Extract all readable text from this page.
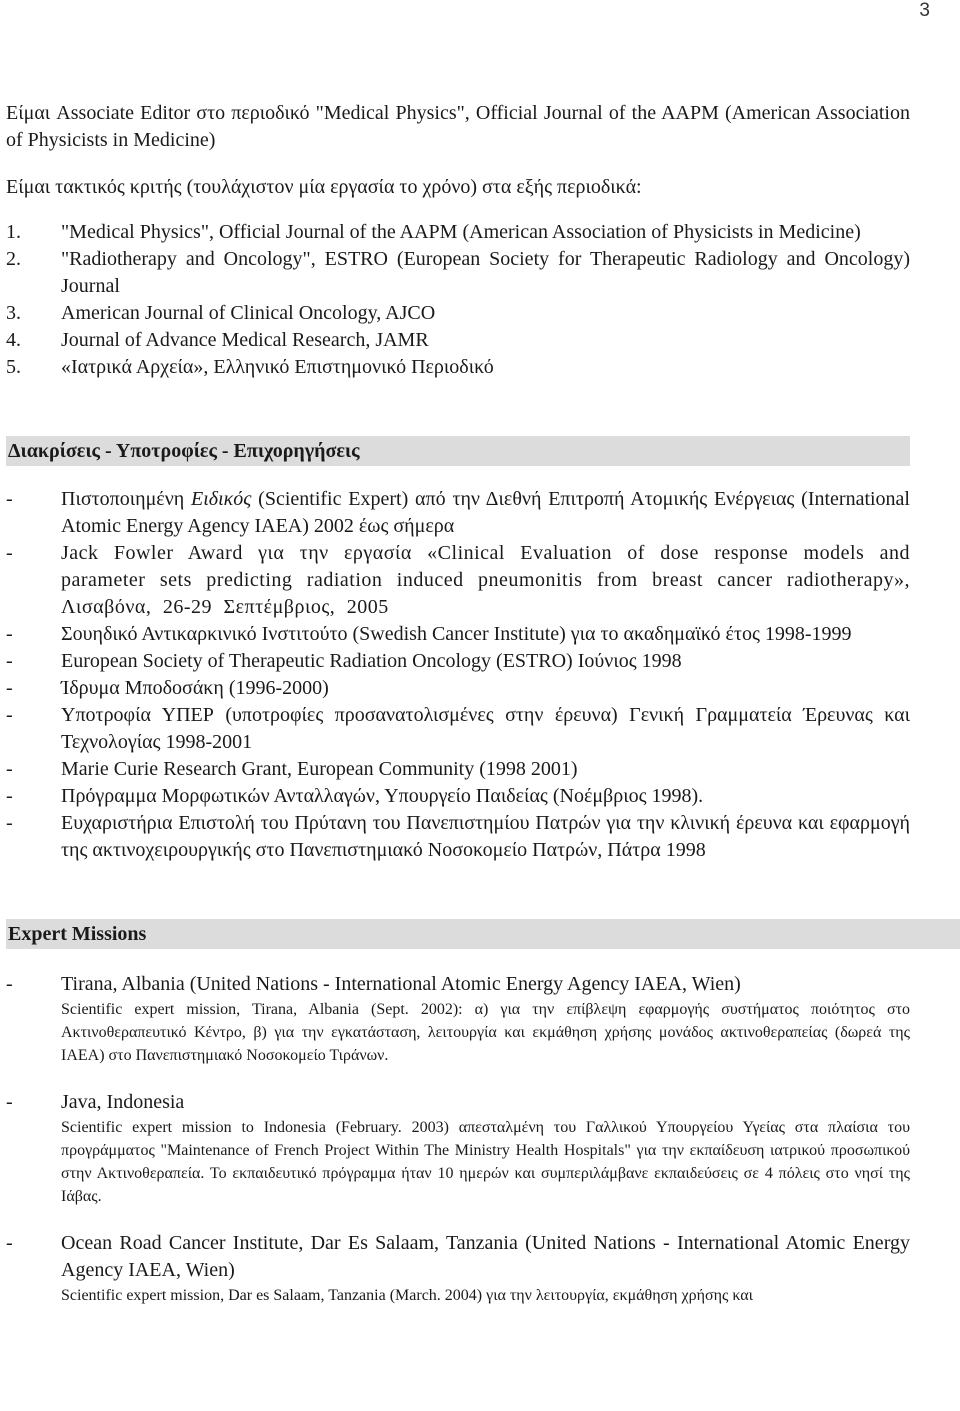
3

Είμαι Associate Editor στο περιοδικό "Medical Physics", Official Journal of the AAPM (American Association of Physicists in Medicine)

Είμαι τακτικός κριτής (τουλάχιστον μία εργασία το χρόνο) στα εξής περιοδικά:

1. "Medical Physics", Official Journal of the AAPM (American Association of Physicists in Medicine)
2. "Radiotherapy and Oncology", ESTRO (European Society for Therapeutic Radiology and Oncology) Journal
3. American Journal of Clinical Oncology, AJCO
4. Journal of Advance Medical Research, JAMR
5. «Ιατρικά Αρχεία», Ελληνικό Επιστημονικό Περιοδικό
Διακρίσεις - Υποτροφίες - Επιχορηγήσεις
- Πιστοποιημένη Ειδικός (Scientific Expert) από την Διεθνή Επιτροπή Ατομικής Ενέργειας (International Atomic Energy Agency IAEA) 2002 έως σήμερα
- Jack Fowler Award για την εργασία «Clinical Evaluation of dose response models and parameter sets predicting radiation induced pneumonitis from breast cancer radiotherapy», Λισαβόνα, 26-29 Σεπτέμβριος, 2005
- Σουηδικό Αντικαρκινικό Ινστιτούτο (Swedish Cancer Institute) για το ακαδημαϊκό έτος 1998-1999
- European Society of Therapeutic Radiation Oncology (ESTRO) Ιούνιος 1998
- Ίδρυμα Μποδοσάκη (1996-2000)
- Υποτροφία ΥΠΕΡ (υποτροφίες προσανατολισμένες στην έρευνα) Γενική Γραμματεία Έρευνας και Τεχνολογίας 1998-2001
- Marie Curie Research Grant, European Community (1998 2001)
- Πρόγραμμα Μορφωτικών Ανταλλαγών, Υπουργείο Παιδείας (Νοέμβριος 1998).
- Ευχαριστήρια Επιστολή του Πρύτανη του Πανεπιστημίου Πατρών για την κλινική έρευνα και εφαρμογή της ακτινοχειρουργικής στο Πανεπιστημιακό Νοσοκομείο Πατρών, Πάτρα 1998
Expert Missions
- Tirana, Albania (United Nations - International Atomic Energy Agency IAEA, Wien)
Scientific expert mission, Tirana, Albania (Sept. 2002): α) για την επίβλεψη εφαρμογής συστήματος ποιότητος στο Ακτινοθεραπευτικό Κέντρο, β) για την εγκατάσταση, λειτουργία και εκμάθηση χρήσης μονάδος ακτινοθεραπείας (δωρεά της IAEA) στο Πανεπιστημιακό Νοσοκομείο Τιράνων.
- Java, Indonesia
Scientific expert mission to Indonesia (February. 2003) απεσταλμένη του Γαλλικού Υπουργείου Υγείας στα πλαίσια του προγράμματος "Maintenance of French Project Within The Ministry Health Hospitals" για την εκπαίδευση ιατρικού προσωπικού στην Ακτινοθεραπεία. Το εκπαιδευτικό πρόγραμμα ήταν 10 ημερών και συμπεριλάμβανε εκπαιδεύσεις σε 4 πόλεις στο νησί της Ιάβας.
- Ocean Road Cancer Institute, Dar Es Salaam, Tanzania (United Nations - International Atomic Energy Agency IAEA, Wien)
Scientific expert mission, Dar es Salaam, Tanzania (March. 2004) για την λειτουργία, εκμάθηση χρήσης και
